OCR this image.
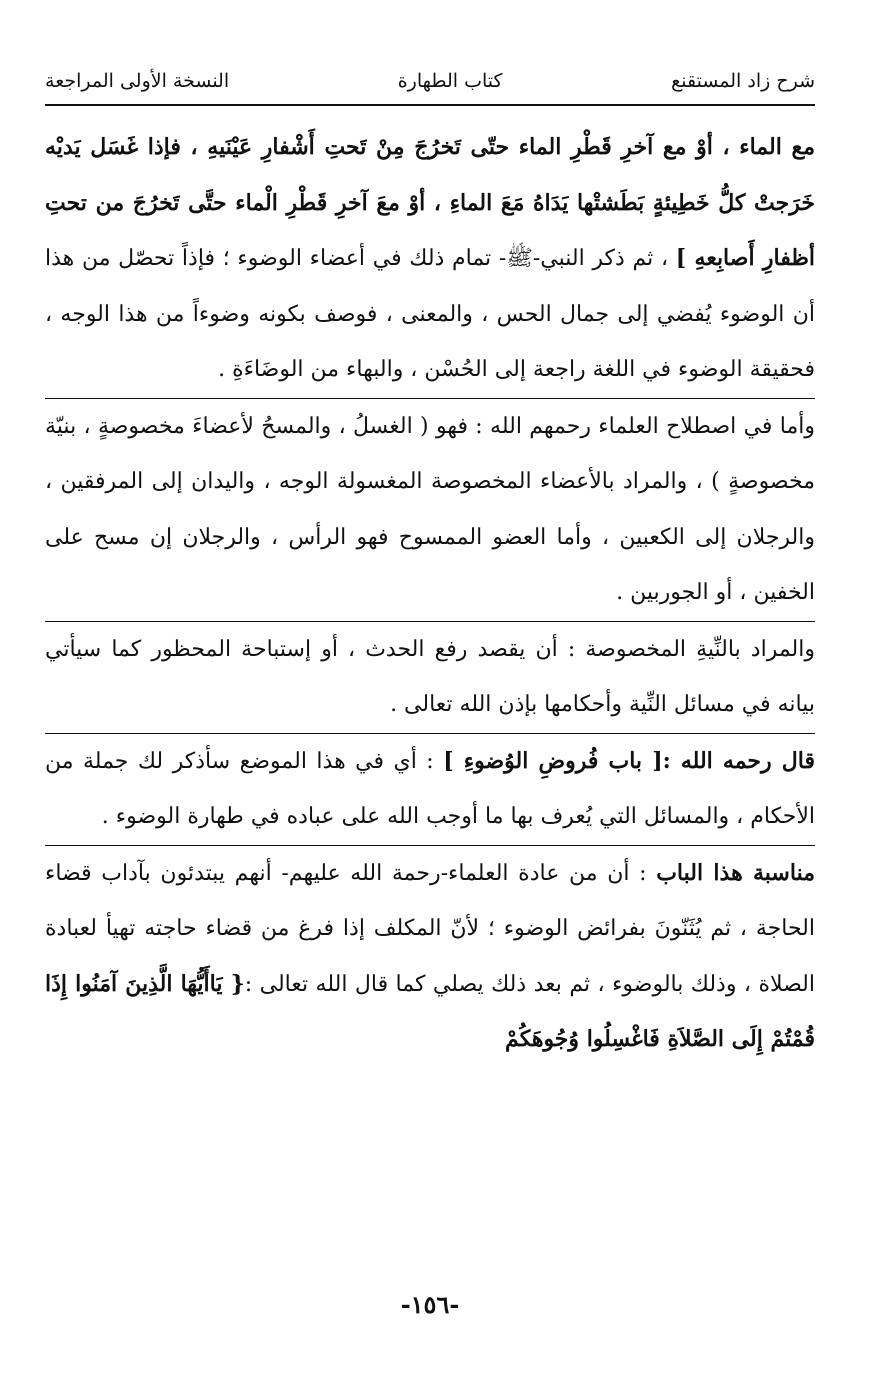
شرح زاد المستقنع
كتاب الطهارة
النسخة الأولى المراجعة

مع الماء ، أوْ مع آخرِ قَطْرِ الماء حتّى تَخرُجَ مِنْ تَحتِ أَشْفارِ عَيْنَيهِ ، فإذا غَسَل يَديْه خَرَجتْ كلُّ خَطِيئةٍ بَطَشتْها يَدَاهُ مَعَ الماءِ ، أوْ معَ آخرِ قَطْرِ الْماء حتَّى تَخرُجَ من تحتِ أظفارِ أَصابِعهِ ] ، ثم ذكر النبي-ﷺ- تمام ذلك في أعضاء الوضوء ؛ فإذاً تحصّل من هذا أن الوضوء يُفضي إلى جمال الحس ، والمعنى ، فوصف بكونه وضوءاً من هذا الوجه ، فحقيقة الوضوء في اللغة راجعة إلى الحُسْن ، والبهاء من الوضَاءَةِ .

وأما في اصطلاح العلماء رحمهم الله : فهو ( الغسلُ ، والمسحُ لأعضاءَ مخصوصةٍ ، بنيّة مخصوصةٍ ) ، والمراد بالأعضاء المخصوصة المغسولة الوجه ، واليدان إلى المرفقين ، والرجلان إلى الكعبين ، وأما العضو الممسوح فهو الرأس ، والرجلان إن مسح على الخفين ، أو الجوربين .

والمراد بالنِّيةِ المخصوصة : أن يقصد رفع الحدث ، أو إستباحة المحظور كما سيأتي بيانه في مسائل النِّية وأحكامها بإذن الله تعالى .

قال رحمه الله :[ باب فُروضِ الوُضوءِ ] : أي في هذا الموضع سأذكر لك جملة من الأحكام ، والمسائل التي يُعرف بها ما أوجب الله على عباده في طهارة الوضوء .

مناسبة هذا الباب : أن من عادة العلماء-رحمة الله عليهم- أنهم يبتدئون بآداب قضاء الحاجة ، ثم يُثَنّونَ بفرائض الوضوء ؛ لأنّ المكلف إذا فرغ من قضاء حاجته تهيأ لعبادة الصلاة ، وذلك بالوضوء ، ثم بعد ذلك يصلي كما قال الله تعالى :{ يَاأَيُّهَا الَّذِينَ آمَنُوا إِذَا قُمْتُمْ إِلَى الصَّلاَةِ فَاغْسِلُوا وُجُوهَكُمْ

-١٥٦-
